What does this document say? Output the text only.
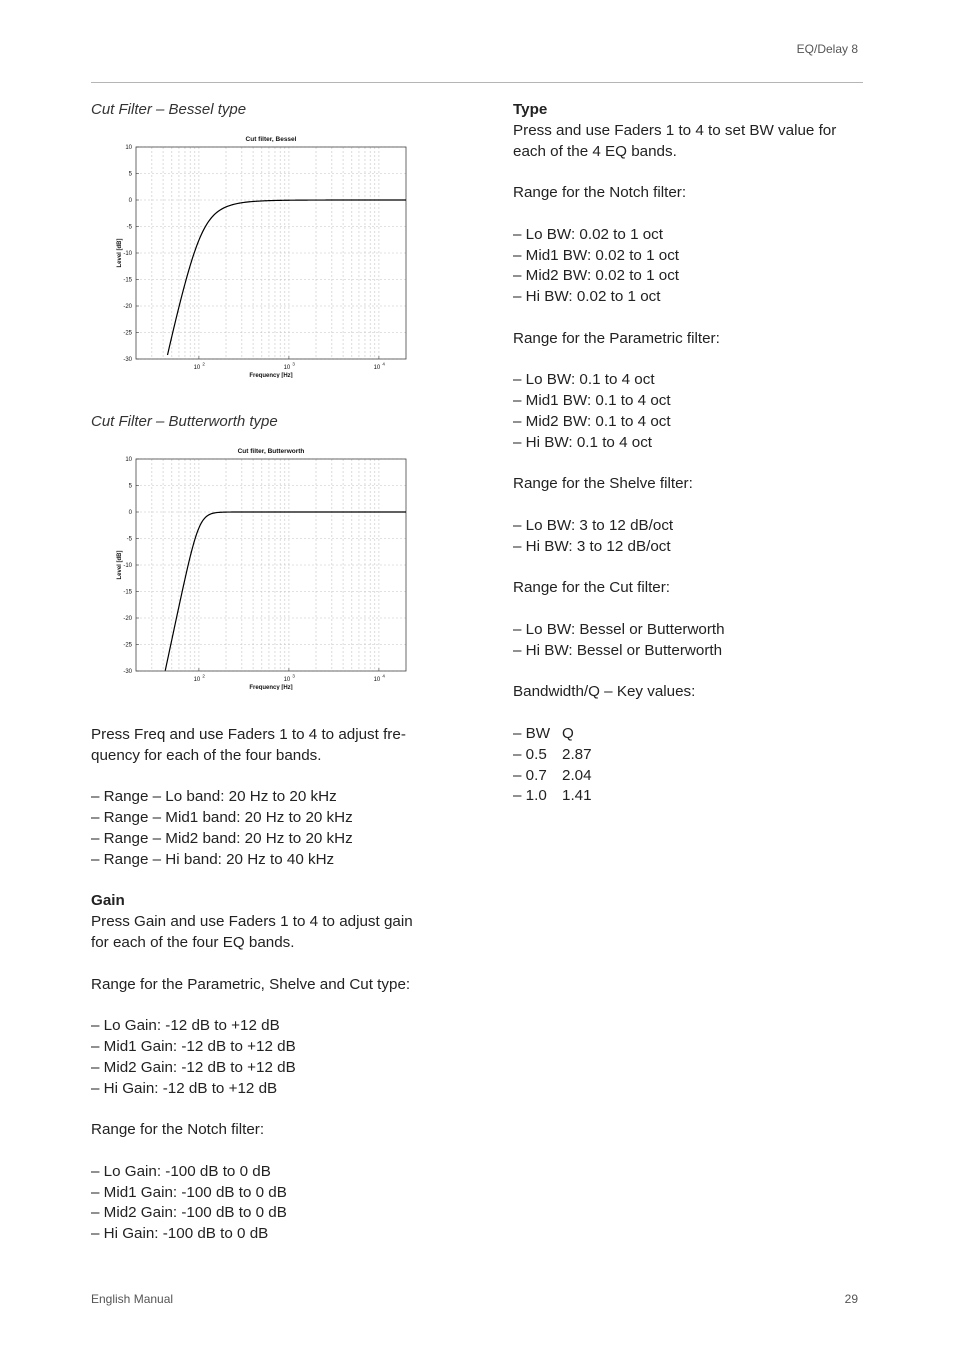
EQ/Delay 8
Cut Filter – Bessel type
Cut filter, Bessel
10
5
0
-5
-10
-15
-20
-25
-30
Level [dB]
10
2
10
3
10
4
Frequency [Hz]
Cut Filter – Butterworth type
Cut filter, Butterworth
10
5
0
-5
-10
-15
-20
-25
-30
Level [dB]
10
2
10
3
10
4
Frequency [Hz]

Press Freq and use Faders 1 to 4 to adjust fre-

quency for each of the four bands.

– Range – Lo band: 20 Hz to 20 kHz
– Range – Mid1 band: 20 Hz to 20 kHz
– Range – Mid2 band: 20 Hz to 20 kHz
– Range – Hi band: 20 Hz to 40 kHz

Gain

Press Gain and use Faders 1 to 4 to adjust gain

for each of the four EQ bands.

Range for the Parametric, Shelve and Cut type:

– Lo Gain: -12 dB to +12 dB
– Mid1 Gain: -12 dB to +12 dB
– Mid2 Gain: -12 dB to +12 dB
– Hi Gain: -12 dB to +12 dB

Range for the Notch filter:

– Lo Gain: -100 dB to 0 dB
– Mid1 Gain: -100 dB to 0 dB
– Mid2 Gain: -100 dB to 0 dB
– Hi Gain: -100 dB to 0 dB

Type

Press and use Faders 1 to 4 to set BW value for

each of the 4 EQ bands.

Range for the Notch filter:

– Lo BW: 0.02 to 1 oct
– Mid1 BW: 0.02 to 1 oct
– Mid2 BW: 0.02 to 1 oct
– Hi BW: 0.02 to 1 oct

Range for the Parametric filter:

– Lo BW: 0.1 to 4 oct
– Mid1 BW: 0.1 to 4 oct
– Mid2 BW: 0.1 to 4 oct
– Hi BW: 0.1 to 4 oct

Range for the Shelve filter:

– Lo BW: 3 to 12 dB/oct
– Hi BW: 3 to 12 dB/oct

Range for the Cut filter:

– Lo BW: Bessel or Butterworth
– Hi BW: Bessel or Butterworth

Bandwidth/Q – Key values:

– BW Q
– 0.5 2.87
– 0.7 2.04
– 1.0 1.41
English Manual	29
